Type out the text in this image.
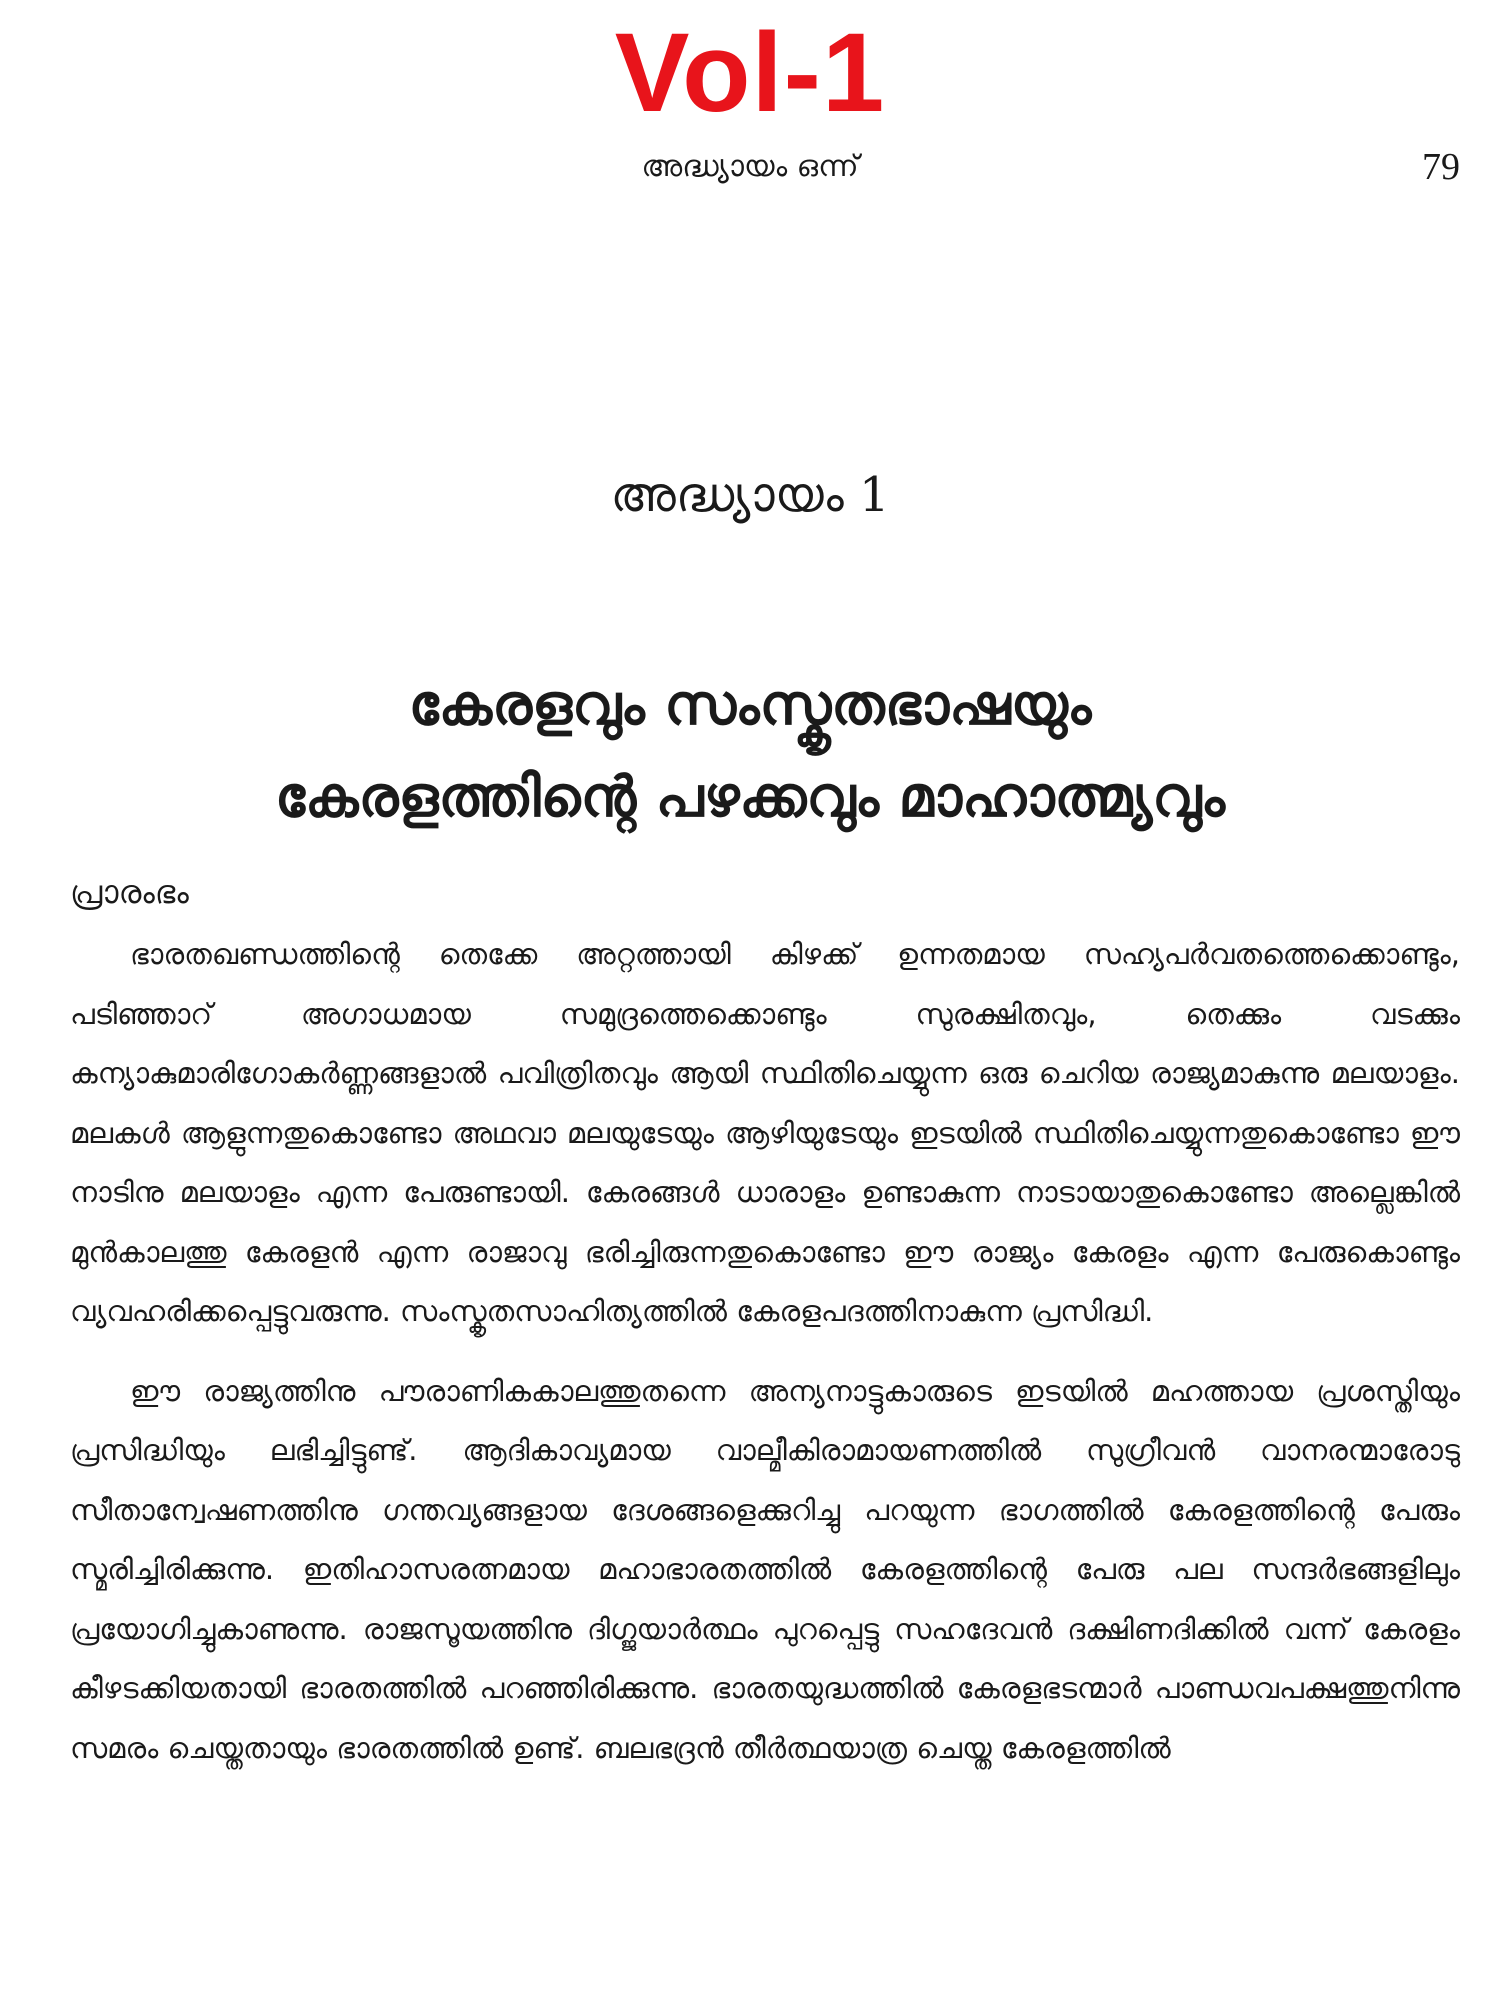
Vol-1
അദ്ധ്യായം ഒന്ന്	79
അദ്ധ്യായം 1
കേരളവും സംസ്കൃതഭാഷയും
കേരളത്തിന്റെ പഴക്കവും മാഹാത്മ്യവും
പ്രാരംഭം

ഭാരതഖണ്ഡത്തിന്റെ തെക്കേ അറ്റത്തായി കിഴക്ക് ഉന്നതമായ സഹ്യപർവതത്തെക്കൊണ്ടും, പടിഞ്ഞാറ് അഗാധമായ സമുദ്രത്തെക്കൊണ്ടും സുരക്ഷിതവും, തെക്കും വടക്കും കന്യാകുമാരിഗോകർണ്ണങ്ങളാൽ പവിത്രിതവും ആയി സ്ഥിതിചെയ്യുന്ന ഒരു ചെറിയ രാജ്യമാകുന്നു മലയാളം. മലകൾ ആളുന്നതുകൊണ്ടോ അഥവാ മലയുടേയും ആഴിയുടേയും ഇടയിൽ സ്ഥിതിചെയ്യുന്നതുകൊണ്ടോ ഈ നാടിനു മലയാളം എന്ന പേരുണ്ടായി. കേരങ്ങൾ ധാരാളം ഉണ്ടാകുന്ന നാടായാതുകൊണ്ടോ അല്ലെങ്കിൽ മുൻകാലത്തു കേരളൻ എന്ന രാജാവു ഭരിച്ചിരുന്നതുകൊണ്ടോ ഈ രാജ്യം കേരളം എന്ന പേരുകൊണ്ടും വ്യവഹരിക്കപ്പെട്ടുവരുന്നു. സംസ്കൃതസാഹിത്യത്തിൽ കേരളപദത്തിനാകുന്ന പ്രസിദ്ധി.

ഈ രാജ്യത്തിനു പൗരാണികകാലത്തുതന്നെ അന്യനാട്ടുകാരുടെ ഇടയിൽ മഹത്തായ പ്രശസ്തിയും പ്രസിദ്ധിയും ലഭിച്ചിട്ടുണ്ട്. ആദികാവ്യമായ വാല്മീകിരാമായണത്തിൽ സുഗ്രീവൻ വാനരന്മാരോടു സീതാന്വേഷണത്തിനു ഗന്തവ്യങ്ങളായ ദേശങ്ങളെക്കുറിച്ചു പറയുന്ന ഭാഗത്തിൽ കേരളത്തിന്റെ പേരും സ്മരിച്ചിരിക്കുന്നു. ഇതിഹാസരത്നമായ മഹാഭാരതത്തിൽ കേരളത്തിന്റെ പേരു പല സന്ദർഭങ്ങളിലും പ്രയോഗിച്ചുകാണുന്നു. രാജസൂയത്തിനു ദിഗ്ജയാർത്ഥം പുറപ്പെട്ടു സഹദേവൻ ദക്ഷിണദിക്കിൽ വന്ന് കേരളം കീഴടക്കിയതായി ഭാരതത്തിൽ പറഞ്ഞിരിക്കുന്നു. ഭാരതയുദ്ധത്തിൽ കേരളഭടന്മാർ പാണ്ഡവപക്ഷത്തുനിന്നു സമരം ചെയ്തതായും ഭാരതത്തിൽ ഉണ്ട്. ബലഭദ്രൻ തീർത്ഥയാത്ര ചെയ്ത കേരളത്തിൽ
